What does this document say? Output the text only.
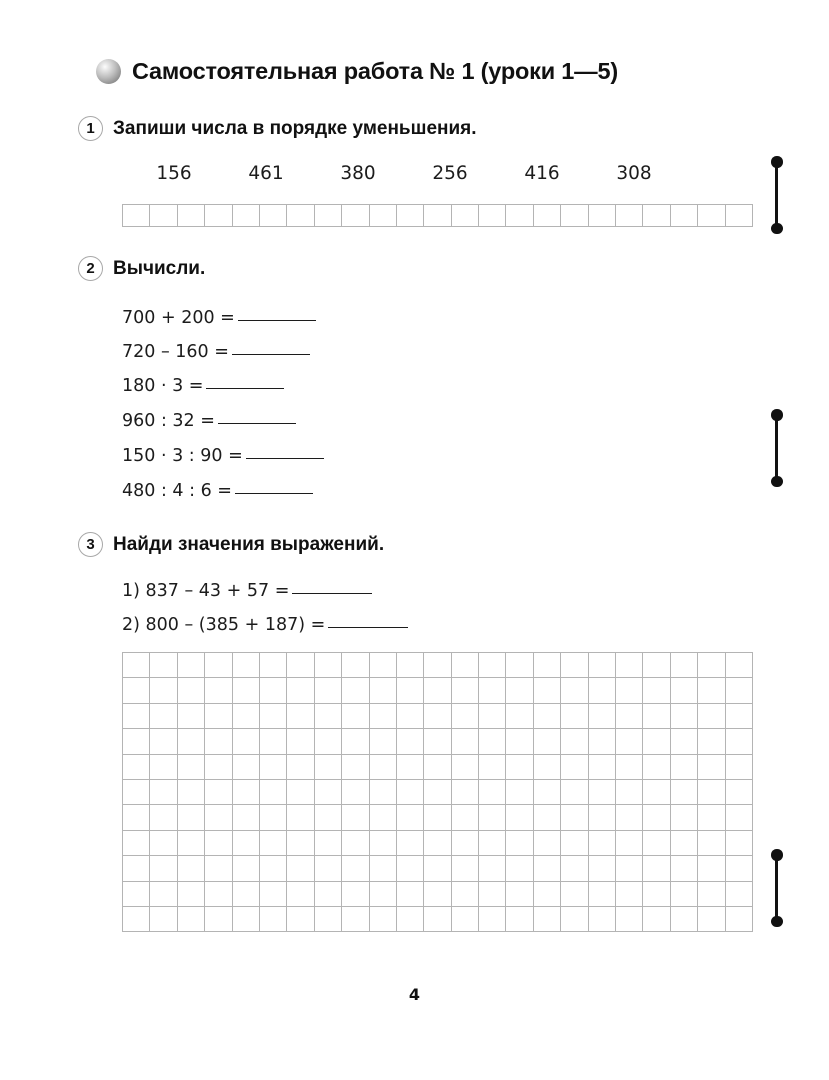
Самостоятельная работа № 1 (уроки 1—5)
1 Запиши числа в порядке уменьшения.
156	461	380	256	416	308
2 Вычисли.
700 + 200 =
720 – 160 =
180 · 3 =
960 : 32 =
150 · 3 : 90 =
480 : 4 : 6 =
3 Найди значения выражений.
1) 837 – 43 + 57 =
2) 800 – (385 + 187) =
4
